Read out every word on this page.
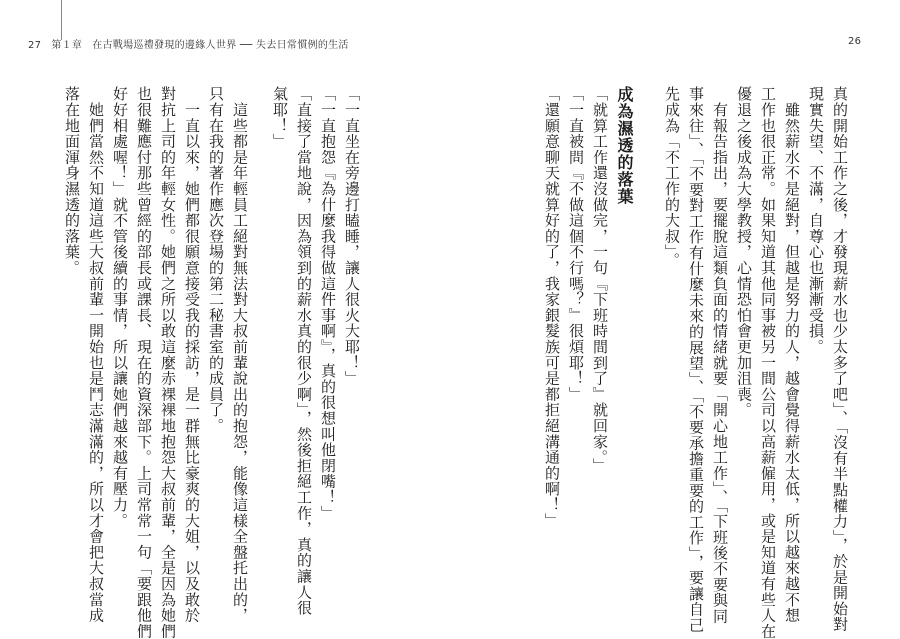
27 第１章 在古戰場巡禮發現的邊緣人世界 ── 失去日常慣例的生活	26
真的開始工作之後，才發現薪水也少太多了吧」、「沒有半點權力」，於是開始對
現實失望、不滿，自尊心也漸漸受損。
　雖然薪水不是絕對，但越是努力的人，越會覺得薪水太低，所以越來越不想
工作也很正常。如果知道其他同事被另一間公司以高薪僱用，或是知道有些人在
優退之後成為大學教授，心情恐怕會更加沮喪。
　有報告指出，要擺脫這類負面的情緒就要「開心地工作」、「下班後不要與同
事來往」、「不要對工作有什麼未來的展望」、「不要承擔重要的工作」，要讓自己
先成為「不工作的大叔」。
成為濕透的落葉
「就算工作還沒做完，一句『下班時間到了』就回家。」
「一直被問『不做這個不行嗎？』很煩耶！」
「還願意聊天就算好的了，我家銀髮族可是都拒絕溝通的啊！」
「直接了當地說，因為領到的薪水真的很少啊」，然後拒絕工作，真的讓人很
氣耶！」 「一直抱怨『為什麼我得做這件事啊』，真的很想叫他閉嘴！」 「一直坐在旁邊打瞌睡，讓人很火大耶！」
　這些都是年輕員工絕對無法對大叔前輩說出的抱怨，能像這樣全盤托出的，
只有在我的著作應次登場的第二秘書室的成員了。
　一直以來，她們都很願意接受我的採訪，是一群無比豪爽的大姐，以及敢於
對抗上司的年輕女性。她們之所以敢這麼赤裸裸地抱怨大叔前輩，全是因為她們
也很難應付那些曾經的部長或課長、現在的資深部下。上司常常一句「要跟他們
好好相處喔！」就不管後續的事情，所以讓她們越來越有壓力。
　她們當然不知道這些大叔前輩一開始也是鬥志滿滿的，所以才會把大叔當成
落在地面渾身濕透的落葉。
